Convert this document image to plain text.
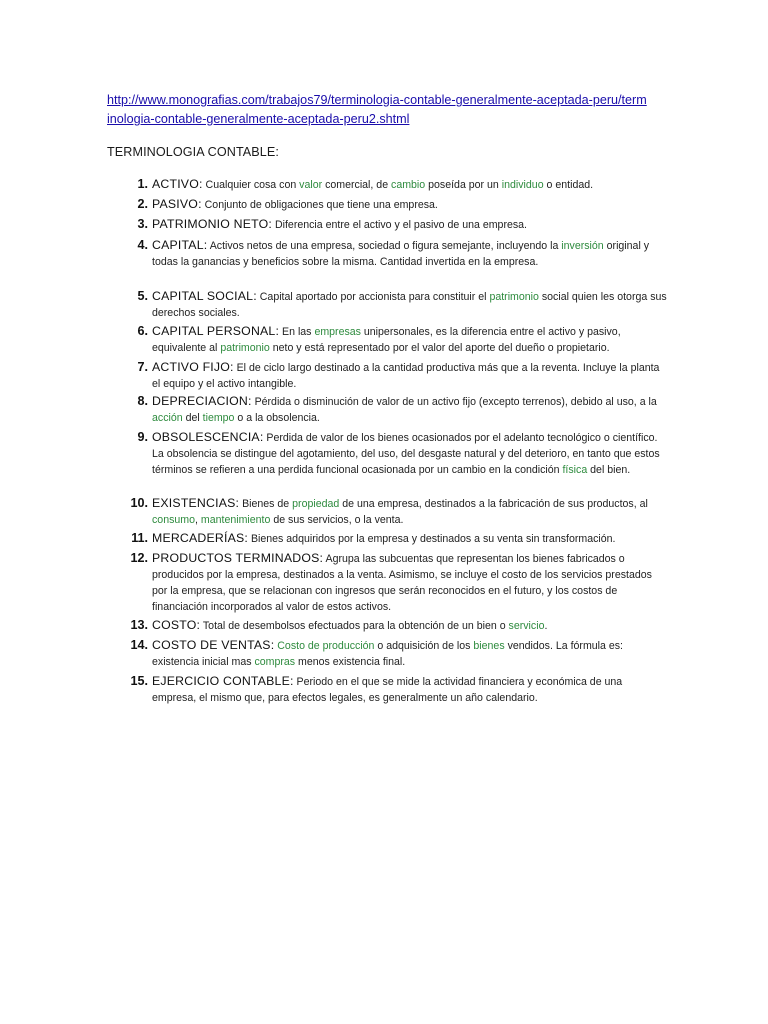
http://www.monografias.com/trabajos79/terminologia-contable-generalmente-aceptada-peru/terminologia-contable-generalmente-aceptada-peru2.shtml
TERMINOLOGIA CONTABLE:
1. ACTIVO: Cualquier cosa con valor comercial, de cambio poseída por un individuo o entidad.
2. PASIVO: Conjunto de obligaciones que tiene una empresa.
3. PATRIMONIO NETO: Diferencia entre el activo y el pasivo de una empresa.
4. CAPITAL: Activos netos de una empresa, sociedad o figura semejante, incluyendo la inversión original y todas la ganancias y beneficios sobre la misma. Cantidad invertida en la empresa.
5. CAPITAL SOCIAL: Capital aportado por accionista para constituir el patrimonio social quien les otorga sus derechos sociales.
6. CAPITAL PERSONAL: En las empresas unipersonales, es la diferencia entre el activo y pasivo, equivalente al patrimonio neto y está representado por el valor del aporte del dueño o propietario.
7. ACTIVO FIJO: El de ciclo largo destinado a la cantidad productiva más que a la reventa. Incluye la planta el equipo y el activo intangible.
8. DEPRECIACION: Pérdida o disminución de valor de un activo fijo (excepto terrenos), debido al uso, a la acción del tiempo o a la obsolencia.
9. OBSOLESCENCIA: Perdida de valor de los bienes ocasionados por el adelanto tecnológico o científico. La obsolencia se distingue del agotamiento, del uso, del desgaste natural y del deterioro, en tanto que estos términos se refieren a una perdida funcional ocasionada por un cambio en la condición física del bien.
10. EXISTENCIAS: Bienes de propiedad de una empresa, destinados a la fabricación de sus productos, al consumo, mantenimiento de sus servicios, o la venta.
11. MERCADERÍAS: Bienes adquiridos por la empresa y destinados a su venta sin transformación.
12. PRODUCTOS TERMINADOS: Agrupa las subcuentas que representan los bienes fabricados o producidos por la empresa, destinados a la venta. Asimismo, se incluye el costo de los servicios prestados por la empresa, que se relacionan con ingresos que serán reconocidos en el futuro, y los costos de financiación incorporados al valor de estos activos.
13. COSTO: Total de desembolsos efectuados para la obtención de un bien o servicio.
14. COSTO DE VENTAS: Costo de producción o adquisición de los bienes vendidos. La fórmula es: existencia inicial mas compras menos existencia final.
15. EJERCICIO CONTABLE: Periodo en el que se mide la actividad financiera y económica de una empresa, el mismo que, para efectos legales, es generalmente un año calendario.
